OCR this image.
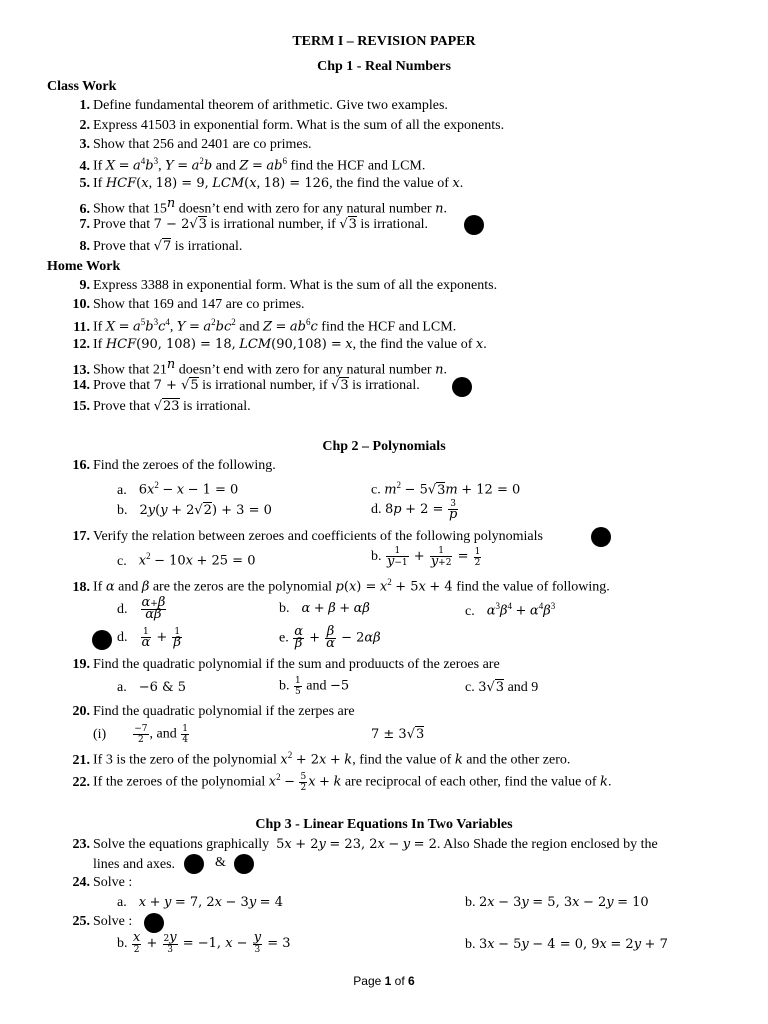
TERM I – REVISION PAPER
Chp 1 - Real Numbers
Class Work
1. Define fundamental theorem of arithmetic. Give two examples.
2. Express 41503 in exponential form. What is the sum of all the exponents.
3. Show that 256 and 2401 are co primes.
4. If $X = a^4b^3$, $Y = a^2b$ and $Z = ab^6$ find the HCF and LCM.
5. If HCF(x, 18) = 9, LCM(x, 18) = 126, the find the value of x.
6. Show that 15$^n$ doesn’t end with zero for any natural number n.
7. Prove that 7 − 2√3 is irrational number, if √3 is irrational.
8. Prove that √7 is irrational.
Home Work
9. Express 3388 in exponential form. What is the sum of all the exponents.
10. Show that 169 and 147 are co primes.
11. If $X = a^5b^3c^4$, $Y = a^2bc^2$ and $Z = ab^6c$ find the HCF and LCM.
12. If HCF(90, 108) = 18, LCM(90,108) = x, the find the value of x.
13. Show that 21$^n$ doesn’t end with zero for any natural number n.
14. Prove that 7 + √5 is irrational number, if √3 is irrational.
15. Prove that √23 is irrational.
Chp 2 – Polynomials
16. Find the zeroes of the following.
a. $6x^2 - x - 1 = 0$	c. $m^2 - 5√3m + 12 = 0$
b. 2y(y + 2√2) + 3 = 0	d. $8p + 2 = \frac{3}{p}$
17. Verify the relation between zeroes and coefficients of the following polynomials
c. $x^2 - 10x + 25 = 0$	b. $\frac{1}{y-1} + \frac{1}{y+2} = \frac{1}{2}$
18. If α and β are the zeros are the polynomial $p(x) = x^2 + 5x + 4$ find the value of following.
d. $\frac{\alpha+\beta}{\alpha\beta}$	b. α + β + αβ	c. $\alpha^3\beta^4 + \alpha^4\beta^3$
d. $\frac{1}{\alpha} + \frac{1}{\beta}$	e. $\frac{\alpha}{\beta} + \frac{\beta}{\alpha} - 2\alpha\beta$
19. Find the quadratic polynomial if the sum and produucts of the zeroes are
a. −6 & 5	b. $\frac{1}{5}$ and −5	c. 3√3 and 9
20. Find the quadratic polynomial if the zerpes are
(i)	$\frac{-7}{2}$ , and $\frac{1}{4}$	7 ± 3√3
21. If 3 is the zero of the polynomial $x^2 + 2x + k$, find the value of k and the other zero.
22. If the zeroes of the polynomial $x^2 - \frac{5}{2}$ x + k are reciprocal of each other, find the value of k.
Chp 3 - Linear Equations In Two Variables
23. Solve the equations graphically  5x + 2y = 23, 2x − y = 2. Also Shade the region enclosed by the
lines and axes.	&
24. Solve :
a. x + y = 7, 2x − 3y = 4	b. 2x − 3y = 5, 3x − 2y = 10
25. Solve :
b. $\frac{x}{2} + \frac{2y}{3} = -1$, $x - \frac{y}{3} = 3$	b. 3x − 5y − 4 = 0, 9x = 2y + 7
Page 1 of 6
